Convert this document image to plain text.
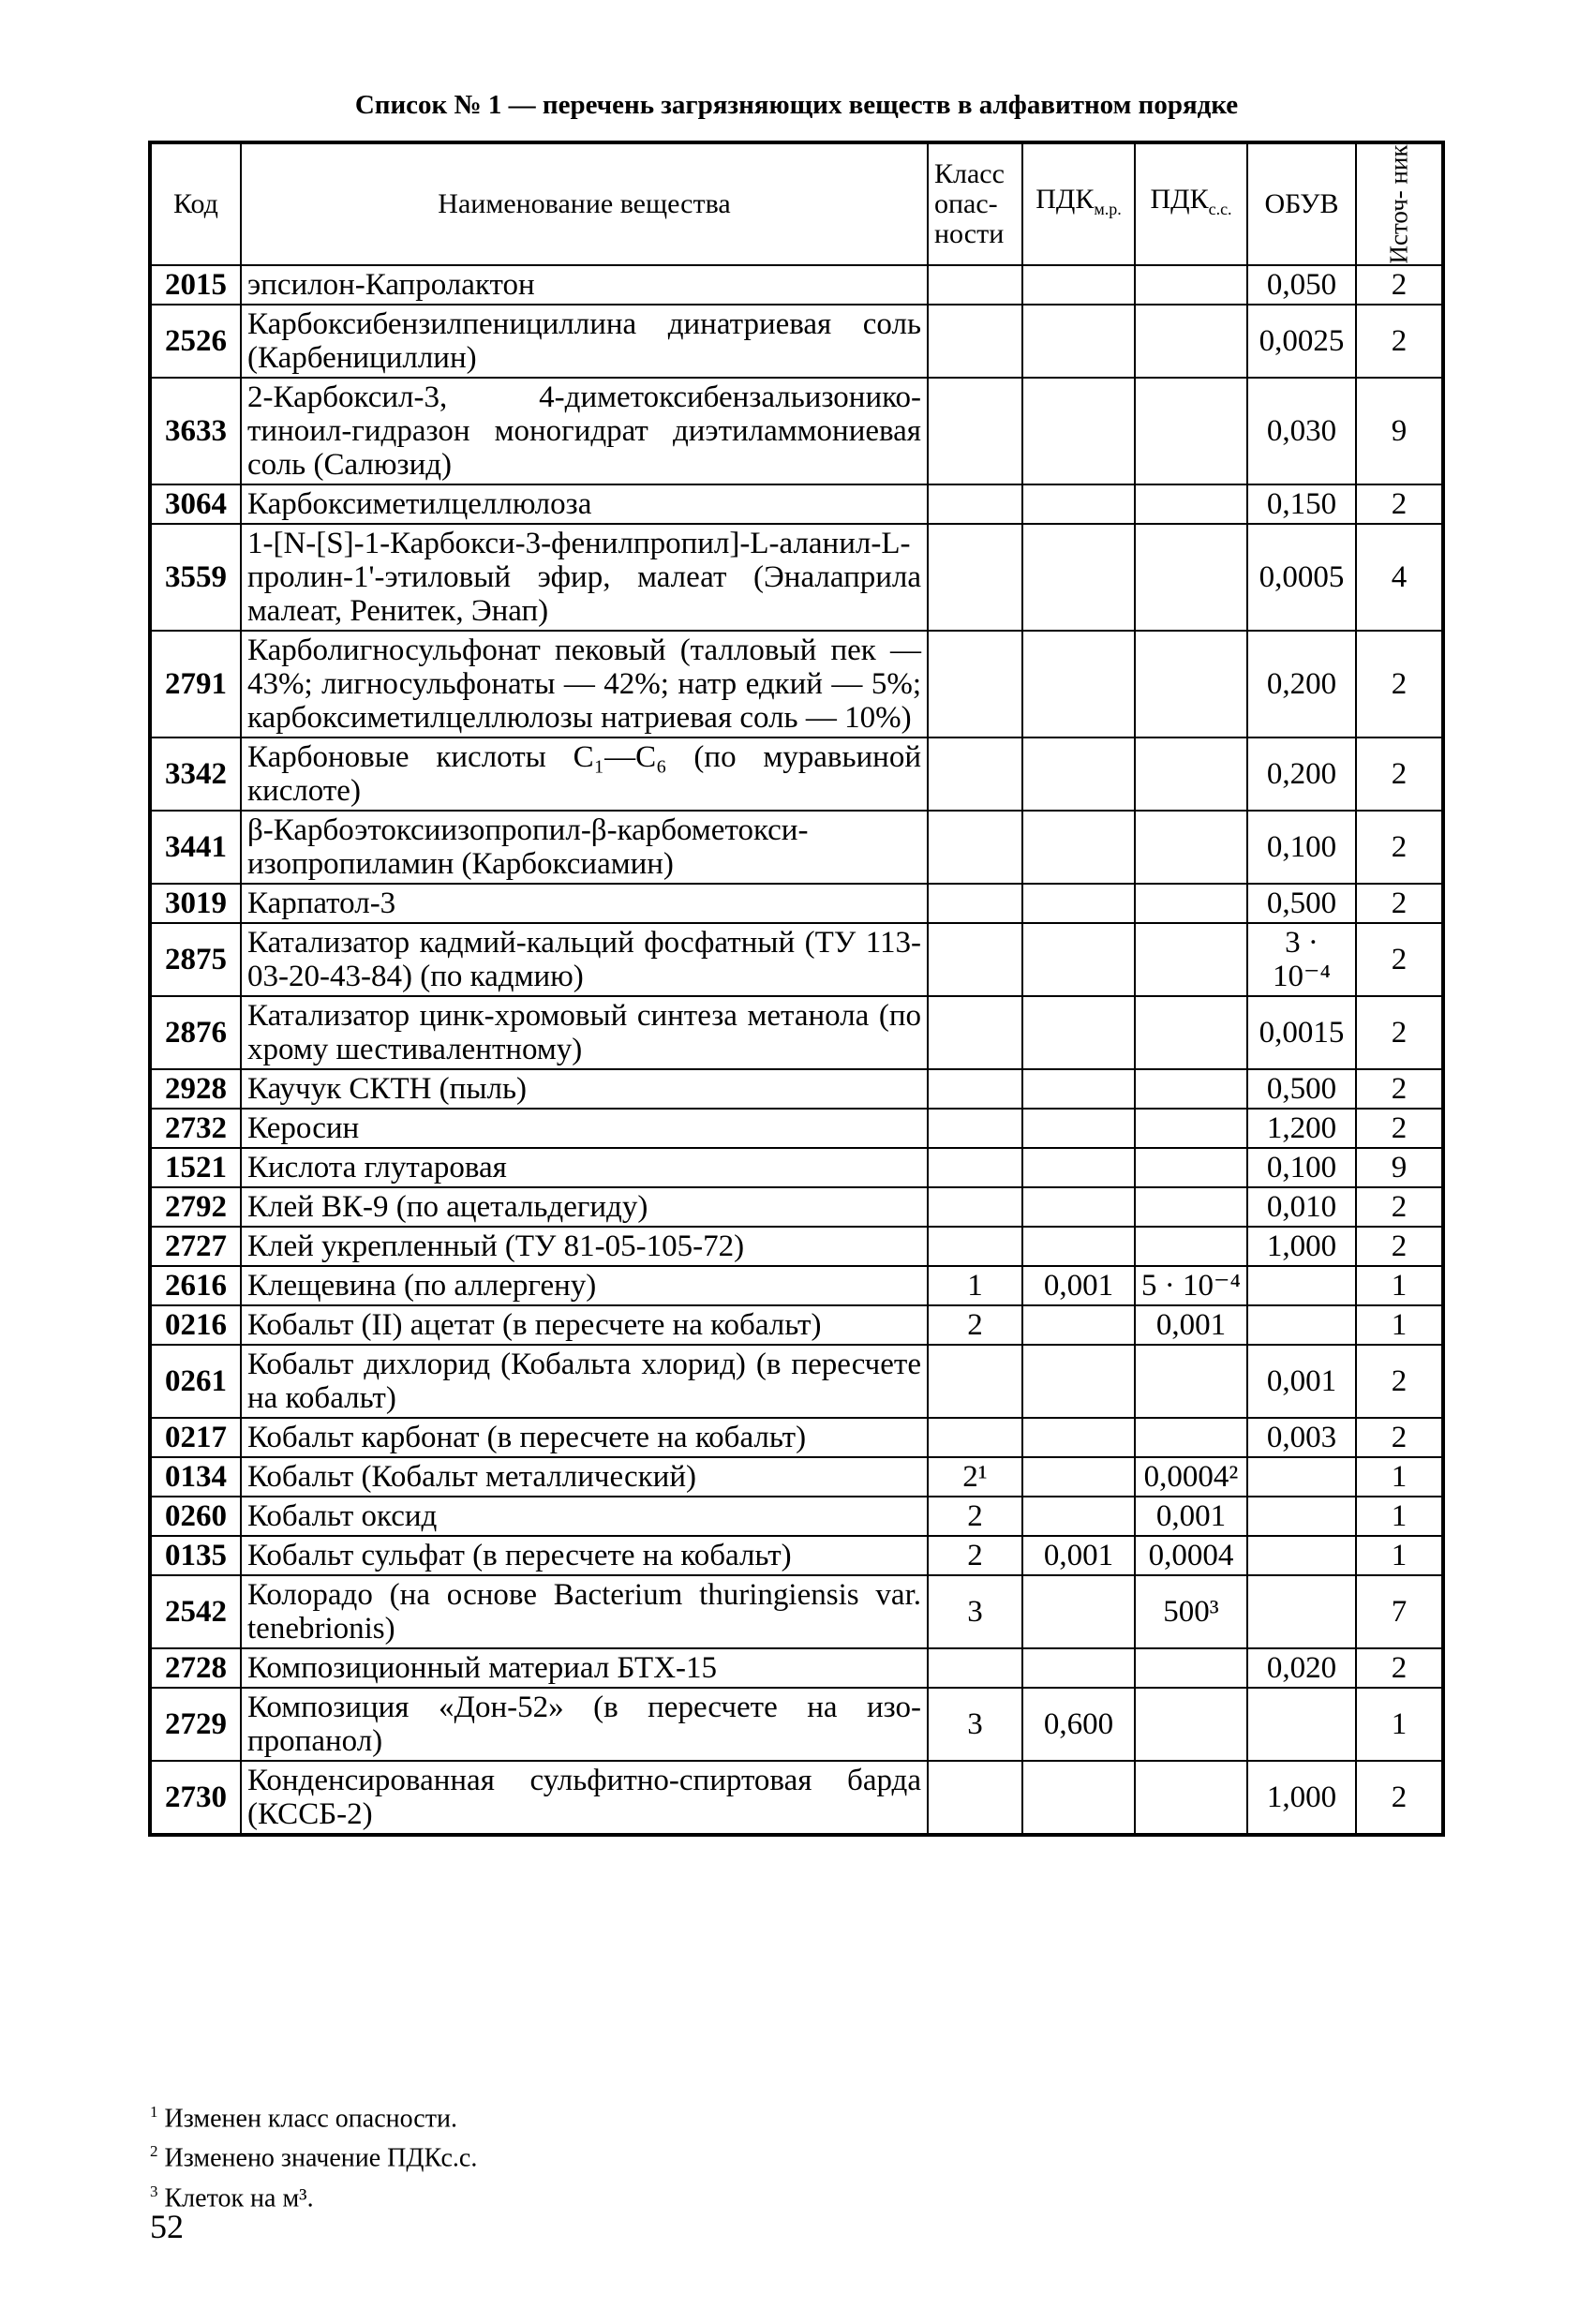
Список № 1 — перечень загрязняющих веществ в алфавитном порядке
Код	Наименование вещества	Класс опас- ности	$ПДК_{м.р.}$	$ПДК_{с.с.}$	ОБУВ	Источ- ник

2015	эпсилон-Капролактон				0,050	2
2526	Карбоксибензилпенициллина динатриевая соль (Карбенициллин)				0,0025	2
3633	2-Карбоксил-3, 4-диметоксибензальизоникотиноил-гидразон моногидрат диэтиламмониевая соль (Салюзид)				0,030	9
3064	Карбоксиметилцеллюлоза				0,150	2
3559	1-[N-[S]-1-Карбокси-3-фенилпропил]-L-аланил-L-пролин-1'-этиловый эфир, малеат (Эналаприла малеат, Ренитек, Энап)				0,0005	4
2791	Карболигносульфонат пековый (талловый пек — 43%; лигносульфонаты — 42%; натр едкий — 5%; карбоксиметилцеллюлозы натриевая соль — 10%)				0,200	2
3342	Карбоновые кислоты C₁—C₆ (по муравьиной кислоте)				0,200	2
3441	β-Карбоэтоксиизопропил-β-карбометоксиизопропиламин (Карбоксиамин)				0,100	2
3019	Карпатол-3				0,500	2
2875	Катализатор кадмий-кальций фосфатный (ТУ 113-03-20-43-84) (по кадмию)				3 · 10⁻⁴	2
2876	Катализатор цинк-хромовый синтеза метанола (по хрому шестивалентному)				0,0015	2
2928	Каучук СКТН (пыль)				0,500	2
2732	Керосин				1,200	2
1521	Кислота глутаровая				0,100	9
2792	Клей ВК-9 (по ацетальдегиду)				0,010	2
2727	Клей укрепленный (ТУ 81-05-105-72)				1,000	2
2616	Клещевина (по аллергену)	1	0,001	5 · 10⁻⁴		1
0216	Кобальт (II) ацетат (в пересчете на кобальт)	2		0,001		1
0261	Кобальт дихлорид (Кобальта хлорид) (в пересчете на кобальт)				0,001	2
0217	Кобальт карбонат (в пересчете на кобальт)				0,003	2
0134	Кобальт (Кобальт металлический)	2¹		0,0004²		1
0260	Кобальт оксид	2		0,001		1
0135	Кобальт сульфат (в пересчете на кобальт)	2	0,001	0,0004		1
2542	Колорадо (на основе Bacterium thuringiensis var. tenebrionis)	3		500³		7
2728	Композиционный материал БТХ-15				0,020	2
2729	Композиция «Дон-52» (в пересчете на изопропанол)	3	0,600			1
2730	Конденсированная сульфитно-спиртовая барда (КССБ-2)				1,000	2
$^1$ Изменен класс опасности.
$^2$ Изменено значение ПДКс.с.
$^3$ Клеток на м³.
52
